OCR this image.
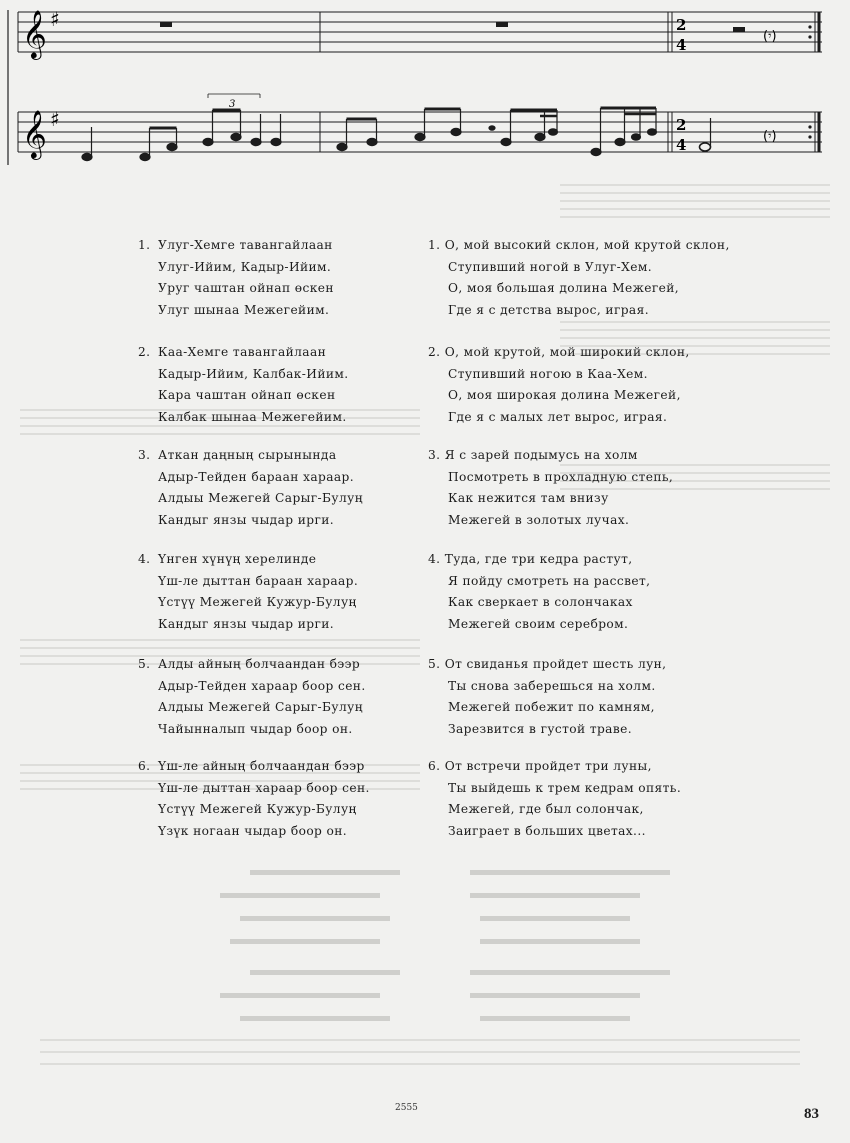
𝄞 ♯	2
4	(𝄾)
𝄞 ♯
3
2
4	(𝄾)
1. Улуг-Хемге тавангайлаан
Улуг-Ийим, Кадыр-Ийим.
Уруг чаштан ойнап өскен
Улуг шынаа Межегейим.
2. Каа-Хемге тавангайлаан
Кадыр-Ийим, Калбак-Ийим.
Кара чаштан ойнап өскен
Калбак шынаа Межегейим.
3. Аткан даңның сырынында
Адыр-Тейден бараан хараар.
Алдыы Межегей Сарыг-Булуң
Кандыг янзы чыдар ирги.
4. Үнген хүнүң херелинде
Үш-ле дыттан бараан хараар.
Үстүү Межегей Кужур-Булуң
Кандыг янзы чыдар ирги.
5. Алды айның болчаандан бээр
Адыр-Тейден хараар боор сен.
Алдыы Межегей Сарыг-Булуң
Чайынналып чыдар боор он.
6. Үш-ле айның болчаандан бээр
Үш-ле дыттан хараар боор сен.
Үстүү Межегей Кужур-Булуң
Үзүк ногаан чыдар боор он.
1. О, мой высокий склон, мой крутой склон,
Ступивший ногой в Улуг-Хем.
О, моя большая долина Межегей,
Где я с детства вырос, играя.
2. О, мой крутой, мой широкий склон,
Ступивший ногою в Каа-Хем.
О, моя широкая долина Межегей,
Где я с малых лет вырос, играя.
3. Я с зарей подымусь на холм
Посмотреть в прохладную степь,
Как нежится там внизу
Межегей в золотых лучах.
4. Туда, где три кедра растут,
Я пойду смотреть на рассвет,
Как сверкает в солончаках
Межегей своим серебром.
5. От свиданья пройдет шесть лун,
Ты снова заберешься на холм.
Межегей побежит по камням,
Зарезвится в густой траве.
6. От встречи пройдет три луны,
Ты выйдешь к трем кедрам опять.
Межегей, где был солончак,
Заиграет в больших цветах...
2555	83
